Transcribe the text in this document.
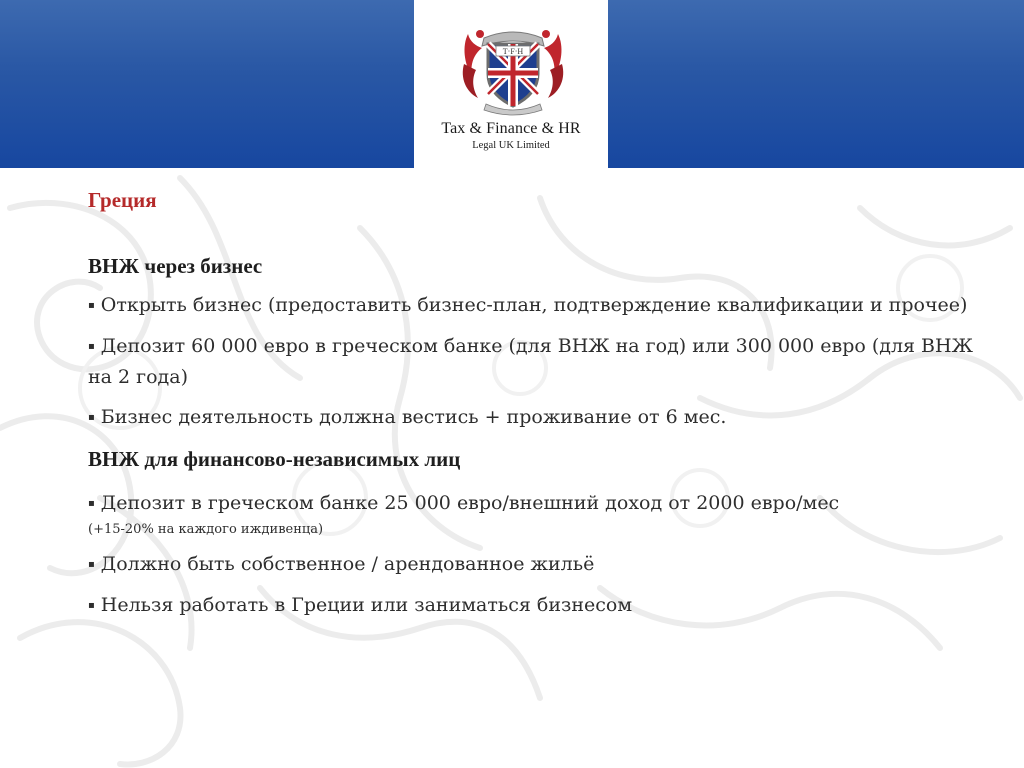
T·F·H
Tax & Finance & HR
Legal UK Limited
Греция
ВНЖ через бизнес

▪ Открыть бизнес (предоставить бизнес-план, подтверждение квалификации и прочее)

▪ Депозит 60 000 евро в греческом банке (для ВНЖ на год) или 300 000 евро (для ВНЖ на 2 года)

▪ Бизнес деятельность должна вестись + проживание от 6 мес.

ВНЖ для финансово-независимых лиц

▪ Депозит в греческом банке 25 000 евро/внешний доход от 2000 евро/мес
(+15-20% на каждого иждивенца)

▪ Должно быть собственное / арендованное жильё

▪ Нельзя работать в Греции или заниматься бизнесом
